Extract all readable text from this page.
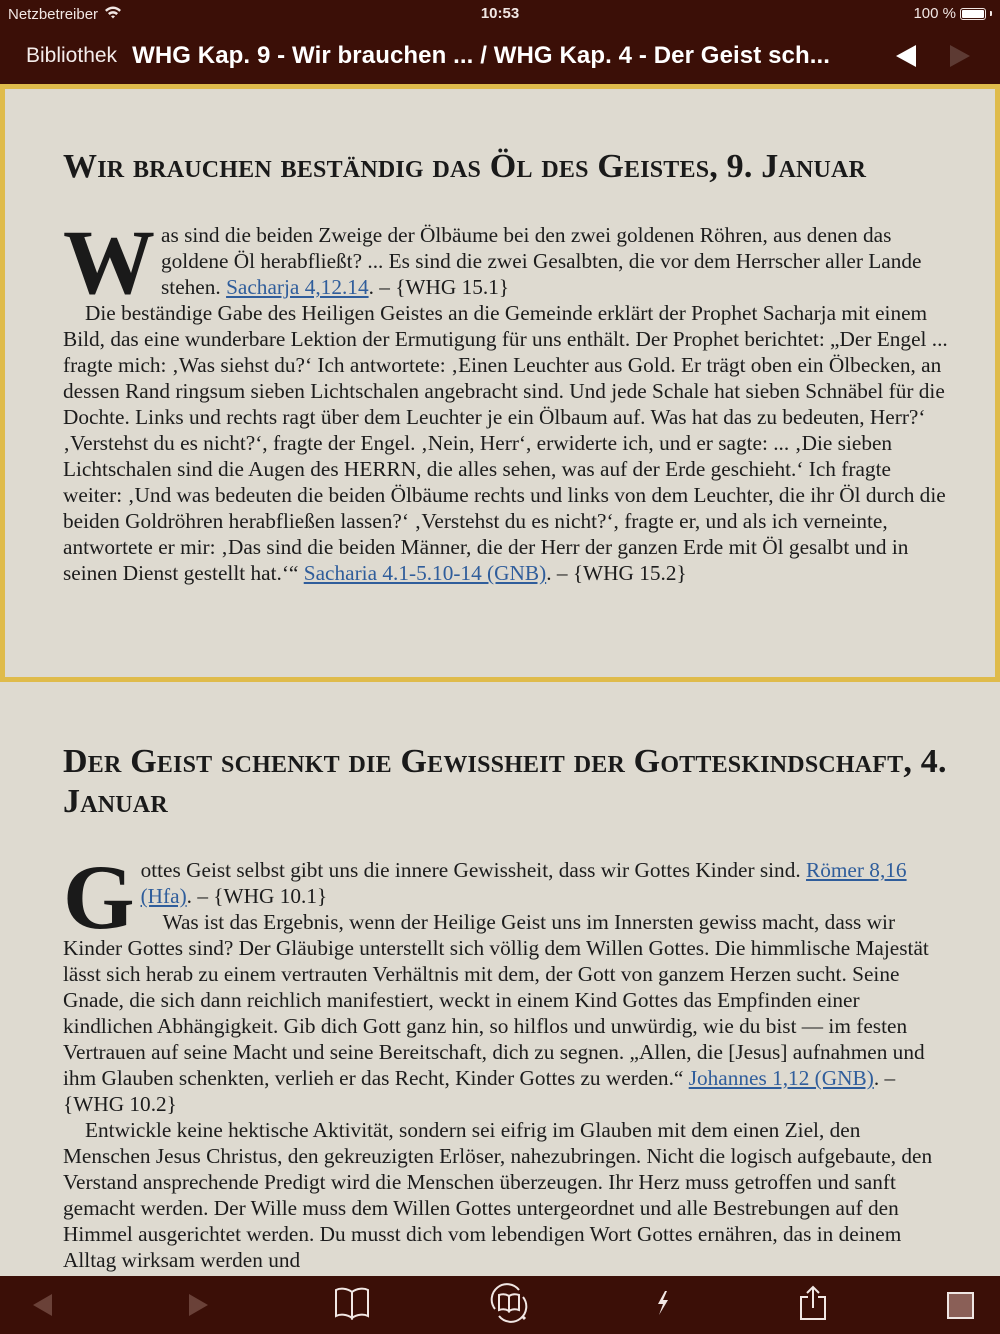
Netzbetreiber	10:53	100 %
Bibliothek WHG Kap. 9 - Wir brauchen ... / WHG Kap. 4 - Der Geist sch...
Wir brauchen beständig das Öl des Geistes, 9. Januar

Was sind die beiden Zweige der Ölbäume bei den zwei goldenen Röhren, aus denen das goldene Öl herabfließt? ... Es sind die zwei Gesalbten, die vor dem Herrscher aller Lande stehen. Sacharja 4,12.14. – {WHG 15.1}

Die beständige Gabe des Heiligen Geistes an die Gemeinde erklärt der Prophet Sacharja mit einem Bild, das eine wunderbare Lektion der Ermutigung für uns enthält. Der Prophet berichtet: „Der Engel ... fragte mich: ‚Was siehst du?‘ Ich antwortete: ‚Einen Leuchter aus Gold. Er trägt oben ein Ölbecken, an dessen Rand ringsum sieben Lichtschalen angebracht sind. Und jede Schale hat sieben Schnäbel für die Dochte. Links und rechts ragt über dem Leuchter je ein Ölbaum auf. Was hat das zu bedeuten, Herr?‘ ‚Verstehst du es nicht?‘, fragte der Engel. ‚Nein, Herr‘, erwiderte ich, und er sagte: ... ‚Die sieben Lichtschalen sind die Augen des HERRN, die alles sehen, was auf der Erde geschieht.‘ Ich fragte weiter: ‚Und was bedeuten die beiden Ölbäume rechts und links von dem Leuchter, die ihr Öl durch die beiden Goldröhren herabfließen lassen?‘ ‚Verstehst du es nicht?‘, fragte er, und als ich verneinte, antwortete er mir: ‚Das sind die beiden Männer, die der Herr der ganzen Erde mit Öl gesalbt und in seinen Dienst gestellt hat.‘“ Sacharia 4.1-5.10-14 (GNB). – {WHG 15.2}

Der Geist schenkt die Gewissheit der Gotteskindschaft, 4. Januar

Gottes Geist selbst gibt uns die innere Gewissheit, dass wir Gottes Kinder sind. Römer 8,16 (Hfa). – {WHG 10.1}

Was ist das Ergebnis, wenn der Heilige Geist uns im Innersten gewiss macht, dass wir Kinder Gottes sind? Der Gläubige unterstellt sich völlig dem Willen Gottes. Die himmlische Majestät lässt sich herab zu einem vertrauten Verhältnis mit dem, der Gott von ganzem Herzen sucht. Seine Gnade, die sich dann reichlich manifestiert, weckt in einem Kind Gottes das Empfinden einer kindlichen Abhängigkeit. Gib dich Gott ganz hin, so hilflos und unwürdig, wie du bist — im festen Vertrauen auf seine Macht und seine Bereitschaft, dich zu segnen. „Allen, die [Jesus] aufnahmen und ihm Glauben schenkten, verlieh er das Recht, Kinder Gottes zu werden.“ Johannes 1,12 (GNB). – {WHG 10.2}

Entwickle keine hektische Aktivität, sondern sei eifrig im Glauben mit dem einen Ziel, den Menschen Jesus Christus, den gekreuzigten Erlöser, nahezubringen. Nicht die logisch aufgebaute, den Verstand ansprechende Predigt wird die Menschen überzeugen. Ihr Herz muss getroffen und sanft gemacht werden. Der Wille muss dem Willen Gottes untergeordnet und alle Bestrebungen auf den Himmel ausgerichtet werden. Du musst dich vom lebendigen Wort Gottes ernähren, das in deinem Alltag wirksam werden und
